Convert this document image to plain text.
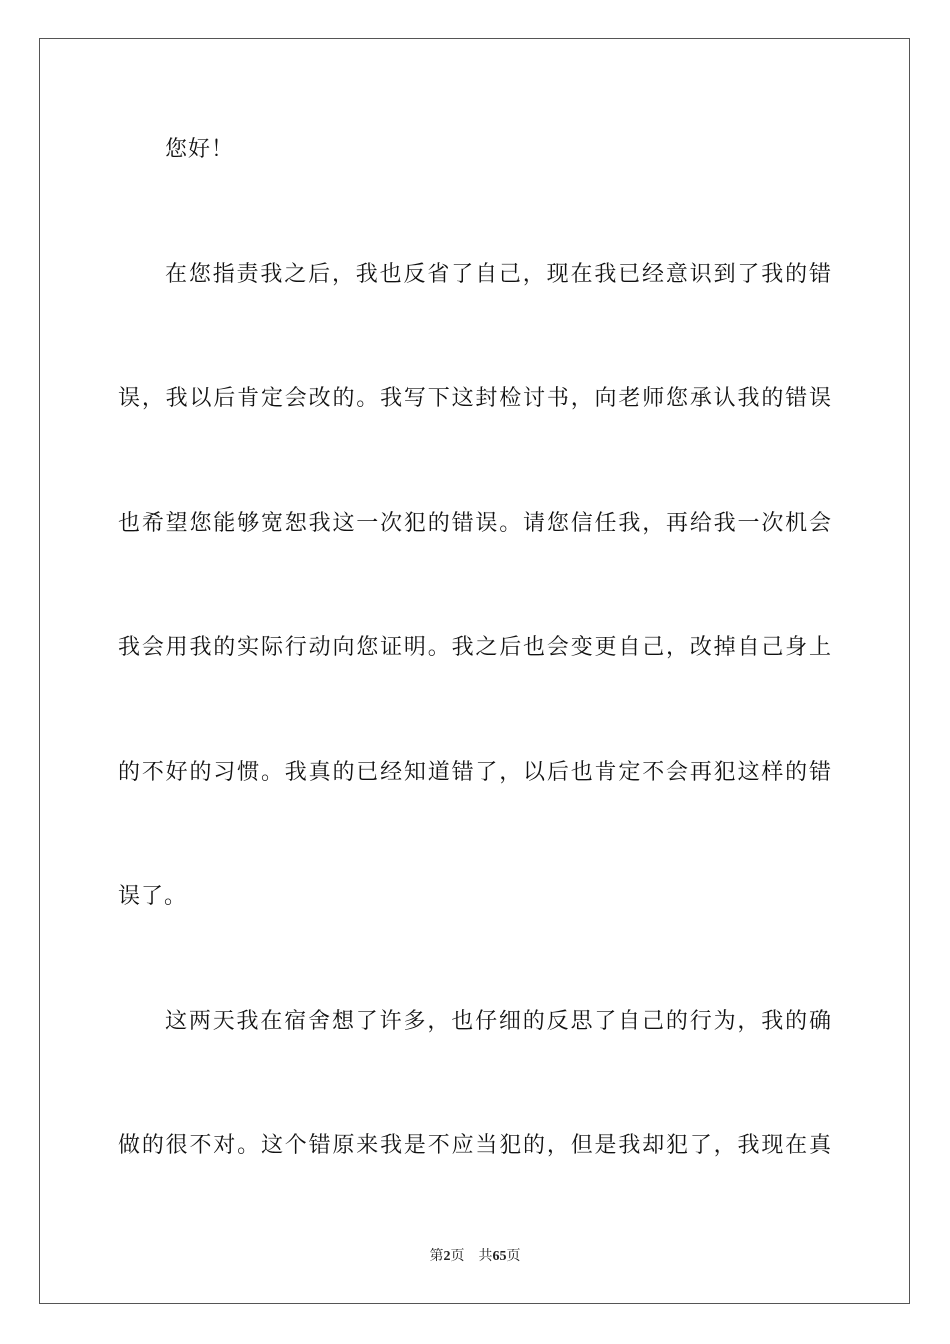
您好！
在您指责我之后，我也反省了自己，现在我已经意识到了我的错
误，我以后肯定会改的。我写下这封检讨书，向老师您承认我的错误
也希望您能够宽恕我这一次犯的错误。请您信任我，再给我一次机会
我会用我的实际行动向您证明。我之后也会变更自己，改掉自己身上
的不好的习惯。我真的已经知道错了，以后也肯定不会再犯这样的错
误了。
这两天我在宿舍想了许多，也仔细的反思了自己的行为，我的确
做的很不对。这个错原来我是不应当犯的，但是我却犯了，我现在真
第2页 共65页
